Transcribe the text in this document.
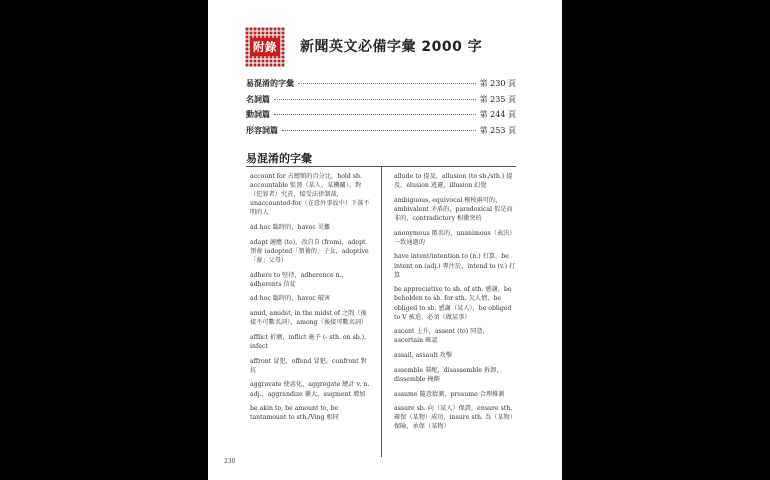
附錄 新聞英文必備字彙 2000 字
易混淆的字彙	第 230 頁
名詞篇	第 235 頁
動詞篇	第 244 頁
形容詞篇	第 253 頁
易混淆的字彙
account for 占總額的百分比，hold sb. accountable 監督（某人、某機關）、對（犯罪者）究責，接受法律制裁，unaccounted-for（在意外事故中）下落不明的人
ad hoc 臨時的，havoc 災難
adapt 適應 (to)，改自自 (from)，adopt 領養 (adopted「領養的」子女，adoptive「養」父母）
adhere to 堅持，adherence n.，adherents 信徒
ad hoc 臨時的，havoc 破害
amid, amidst, in the midst of 之間（後接不可數名詞），among（後接可數名詞）
afflict 折磨，inflict 施予 (- sth. on sb.)，infect
affront 冒犯，offend 冒犯，confront 對抗
aggravate 使惡化，aggregate 總計 v. n. adj.，aggrandize 擴大，augment 增加
be akin to, be amount to, be tantamount to sth./Ving 相同
allude to 提及，allusion (to sb./sth.) 提及，elusion 逃避，illusion 幻覺
ambiguous, equivocal 模稜兩可的，ambivalent 矛盾的，paradoxical 似是而非的，contradictory 相衝突的
anonymous 匿名的，unanimous（表決）一致通過的
have intent/intention to (n.) 打算，be intent on (adj.) 專注於，intend to (v.) 打算
be appreciative to sb. of sth. 感謝，be beholden to sb. for sth. 欠人情，be obliged to sb. 感謝（某人），be obliged to V 被迫、必須（做某事）
ascent 上升，assent (to) 同意，ascertain 確認
assail, assault 攻擊
assemble 裝配，disassemble 拆卸，dissemble 掩飾
assume 隨意猜測，presume 合理推測
assure sb. 向（某人）保證，ensure sth. 確保（某物）成功，insure sth. 為（某物）保險，承保（某物）
230
